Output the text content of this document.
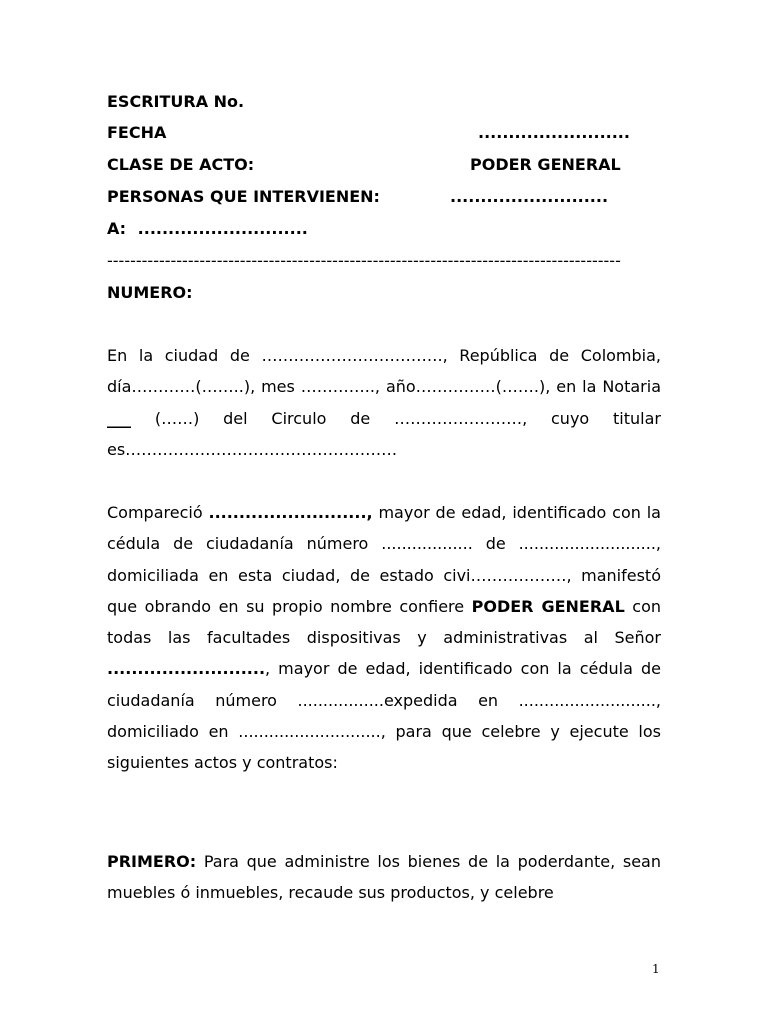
ESCRITURA No.
FECHA	.........................
CLASE DE ACTO:	PODER GENERAL
PERSONAS QUE INTERVIENEN:	..........................
A: ............................
-----------------------------------------------------------------------------------------
NUMERO:
En la ciudad de ……………………………., República de Colombia, día…………(……..), mes ………….., año……………(…….), en la Notaria ___ (……) del Circulo de ……………………, cuyo titular es……………………………………………
Compareció .........................., mayor de edad, identificado con la cédula de ciudadanía número .................. de ..........................., domiciliada en esta ciudad, de estado civi………………, manifestó que obrando en su propio nombre confiere PODER GENERAL con todas las facultades dispositivas y administrativas al Señor .........................., mayor de edad, identificado con la cédula de ciudadanía número .................expedida en ..........................., domiciliado en ............................, para que celebre y ejecute los siguientes actos y contratos:
PRIMERO: Para que administre los bienes de la poderdante, sean muebles ó inmuebles, recaude sus productos, y celebre
1
